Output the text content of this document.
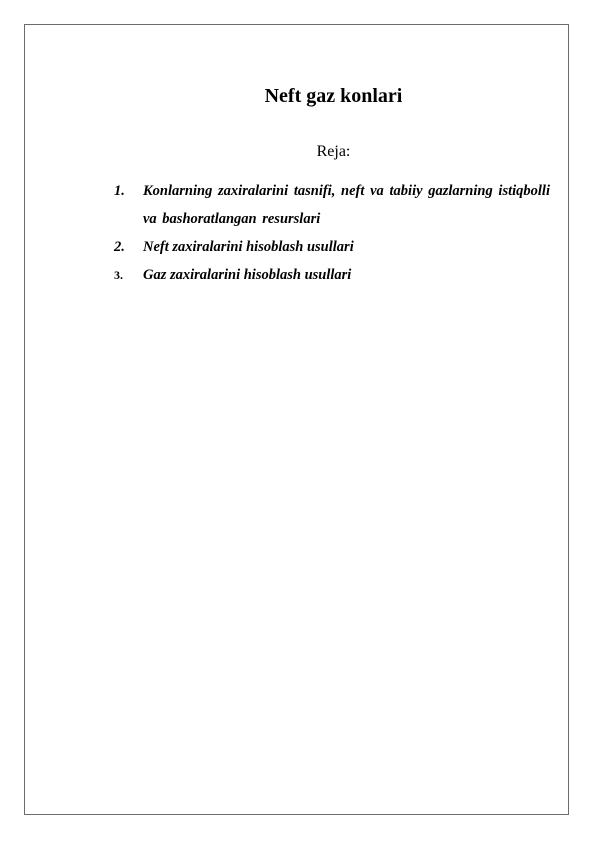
Neft gaz konlari

Reja:

1. Konlarning zaxiralarini tasnifi, neft va tabiiy gazlarning istiqbolli va bashoratlangan resurslari
2. Neft zaxiralarini hisoblash usullari
3. Gaz zaxiralarini hisoblash usullari
